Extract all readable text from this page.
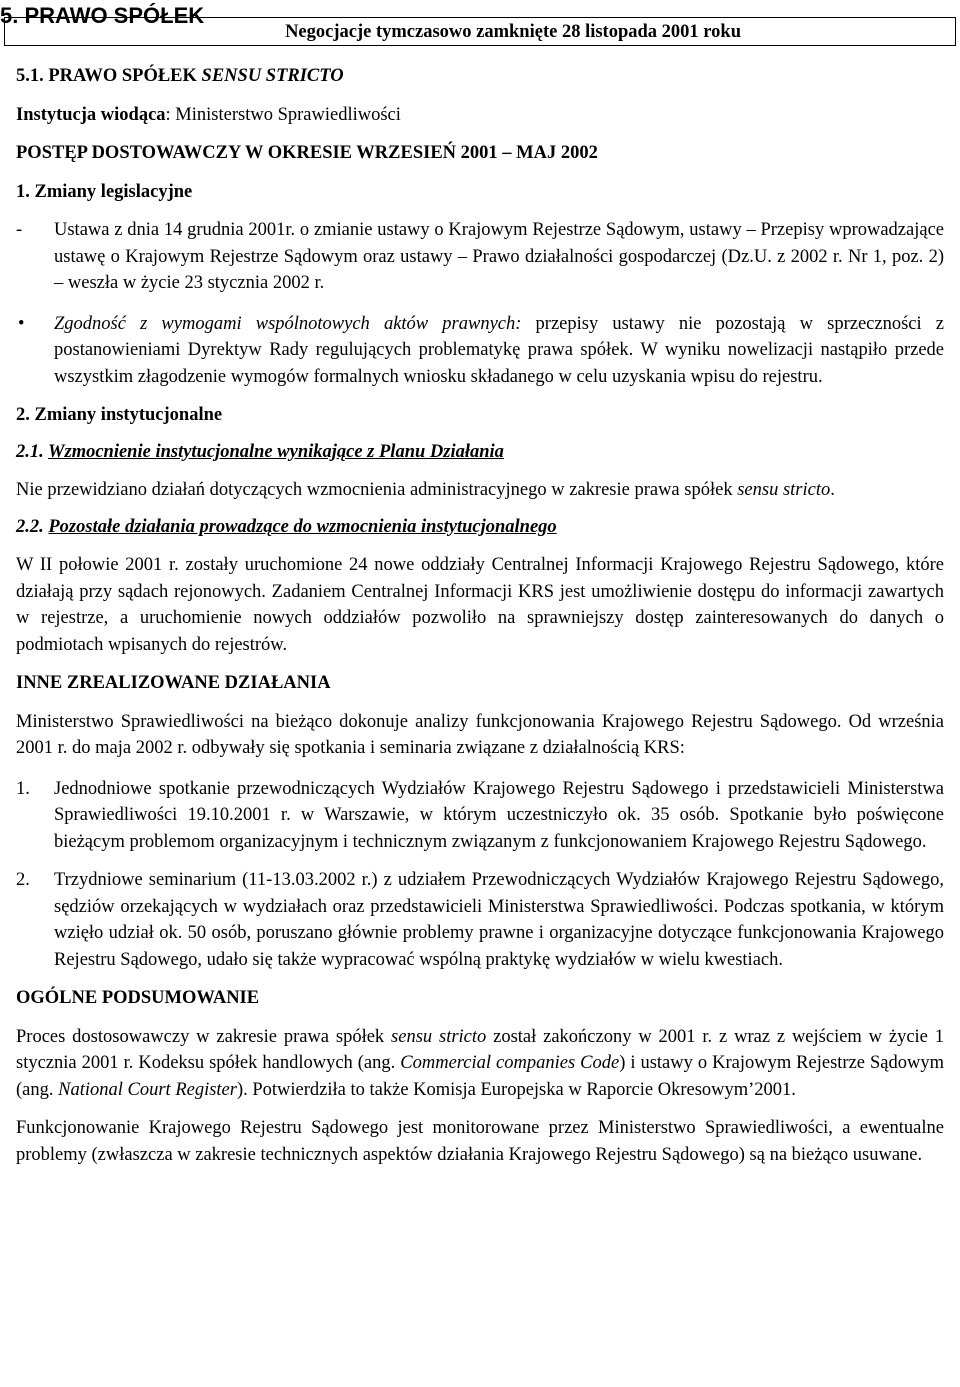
5. PRAWO SPÓŁEK
Negocjacje tymczasowo zamknięte 28 listopada 2001 roku

5.1. PRAWO SPÓŁEK SENSU STRICTO

Instytucja wiodąca: Ministerstwo Sprawiedliwości

POSTĘP DOSTOWAWCZY W OKRESIE WRZESIEŃ 2001 – MAJ 2002

1. Zmiany legislacyjne

-	Ustawa z dnia 14 grudnia 2001r. o zmianie ustawy o Krajowym Rejestrze Sądowym, ustawy – Przepisy wprowadzające ustawę o Krajowym Rejestrze Sądowym oraz ustawy – Prawo działalności gospodarczej (Dz.U. z 2002 r. Nr 1, poz. 2) – weszła w życie 23 stycznia 2002 r.
•	Zgodność z wymogami wspólnotowych aktów prawnych: przepisy ustawy nie pozostają w sprzeczności z postanowieniami Dyrektyw Rady regulujących problematykę prawa spółek. W wyniku nowelizacji nastąpiło przede wszystkim złagodzenie wymogów formalnych wniosku składanego w celu uzyskania wpisu do rejestru.

2. Zmiany instytucjonalne

2.1. Wzmocnienie instytucjonalne wynikające z Planu Działania

Nie przewidziano działań dotyczących wzmocnienia administracyjnego w zakresie prawa spółek sensu stricto.

2.2. Pozostałe działania prowadzące do wzmocnienia instytucjonalnego

W II połowie 2001 r. zostały uruchomione 24 nowe oddziały Centralnej Informacji Krajowego Rejestru Sądowego, które działają przy sądach rejonowych. Zadaniem Centralnej Informacji KRS jest umożliwienie dostępu do informacji zawartych w rejestrze, a uruchomienie nowych oddziałów pozwoliło na sprawniejszy dostęp zainteresowanych do danych o podmiotach wpisanych do rejestrów.

INNE ZREALIZOWANE DZIAŁANIA

Ministerstwo Sprawiedliwości na bieżąco dokonuje analizy funkcjonowania Krajowego Rejestru Sądowego. Od września 2001 r. do maja 2002 r. odbywały się spotkania i seminaria związane z działalnością KRS:

1.	Jednodniowe spotkanie przewodniczących Wydziałów Krajowego Rejestru Sądowego i przedstawicieli Ministerstwa Sprawiedliwości 19.10.2001 r. w Warszawie, w którym uczestniczyło ok. 35 osób. Spotkanie było poświęcone bieżącym problemom organizacyjnym i technicznym związanym z funkcjonowaniem Krajowego Rejestru Sądowego.
2.	Trzydniowe seminarium (11-13.03.2002 r.) z udziałem Przewodniczących Wydziałów Krajowego Rejestru Sądowego, sędziów orzekających w wydziałach oraz przedstawicieli Ministerstwa Sprawiedliwości. Podczas spotkania, w którym wzięło udział ok. 50 osób, poruszano głównie problemy prawne i organizacyjne dotyczące funkcjonowania Krajowego Rejestru Sądowego, udało się także wypracować wspólną praktykę wydziałów w wielu kwestiach.

OGÓLNE PODSUMOWANIE

Proces dostosowawczy w zakresie prawa spółek sensu stricto został zakończony w 2001 r. z wraz z wejściem w życie 1 stycznia 2001 r. Kodeksu spółek handlowych (ang. Commercial companies Code) i ustawy o Krajowym Rejestrze Sądowym (ang. National Court Register). Potwierdziła to także Komisja Europejska w Raporcie Okresowym’2001.

Funkcjonowanie Krajowego Rejestru Sądowego jest monitorowane przez Ministerstwo Sprawiedliwości, a ewentualne problemy (zwłaszcza w zakresie technicznych aspektów działania Krajowego Rejestru Sądowego) są na bieżąco usuwane.
